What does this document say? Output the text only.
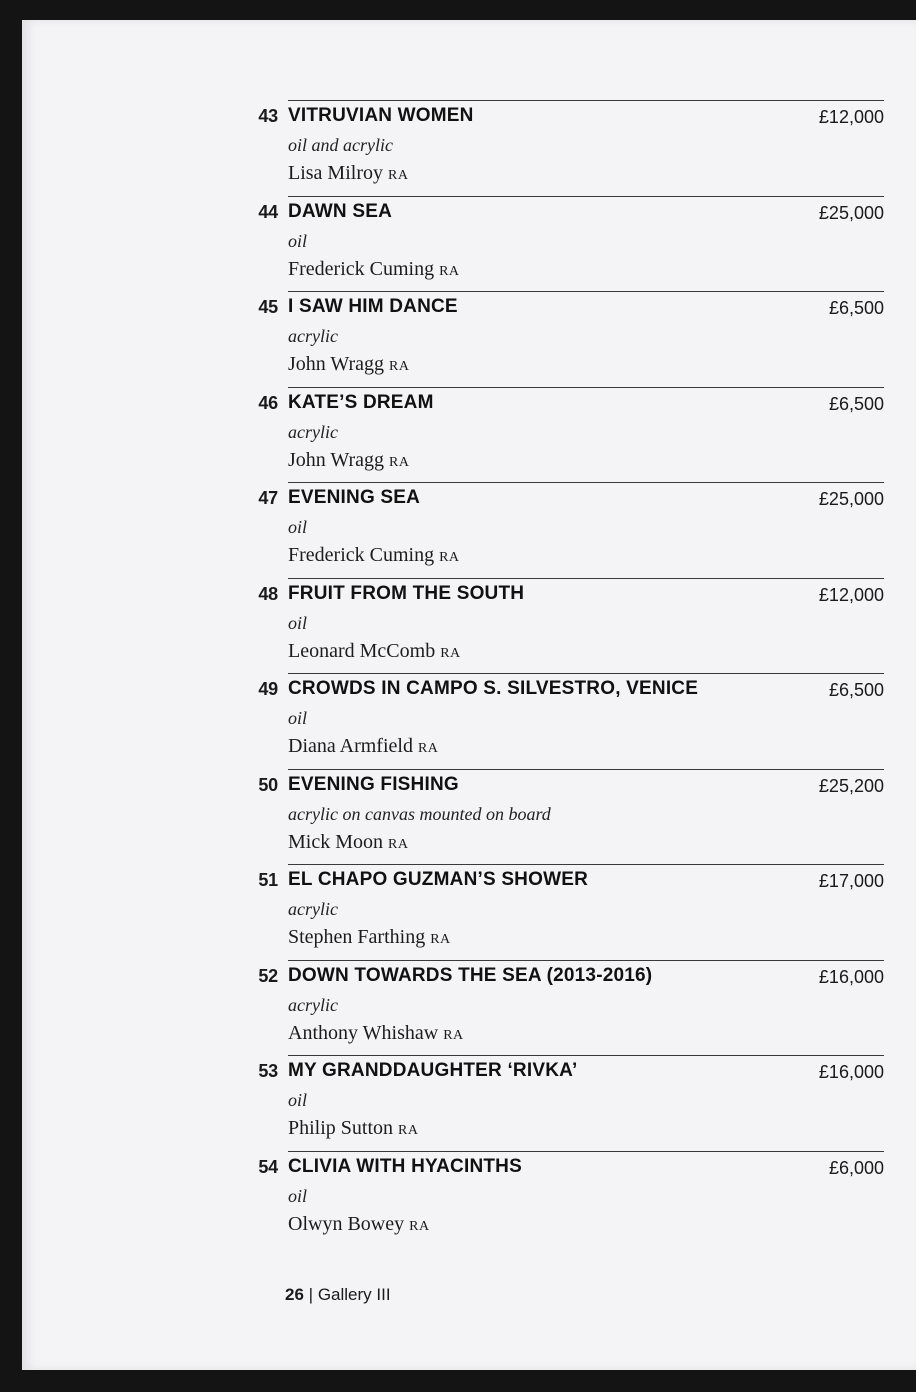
43 VITRUVIAN WOMEN
oil and acrylic
Lisa Milroy RA
£12,000
44 DAWN SEA
oil
Frederick Cuming RA
£25,000
45 I SAW HIM DANCE
acrylic
John Wragg RA
£6,500
46 KATE’S DREAM
acrylic
John Wragg RA
£6,500
47 EVENING SEA
oil
Frederick Cuming RA
£25,000
48 FRUIT FROM THE SOUTH
oil
Leonard McComb RA
£12,000
49 CROWDS IN CAMPO S. SILVESTRO, VENICE
oil
Diana Armfield RA
£6,500
50 EVENING FISHING
acrylic on canvas mounted on board
Mick Moon RA
£25,200
51 EL CHAPO GUZMAN’S SHOWER
acrylic
Stephen Farthing RA
£17,000
52 DOWN TOWARDS THE SEA (2013-2016)
acrylic
Anthony Whishaw RA
£16,000
53 MY GRANDDAUGHTER ‘RIVKA’
oil
Philip Sutton RA
£16,000
54 CLIVIA WITH HYACINTHS
oil
Olwyn Bowey RA
£6,000
26 | Gallery III
